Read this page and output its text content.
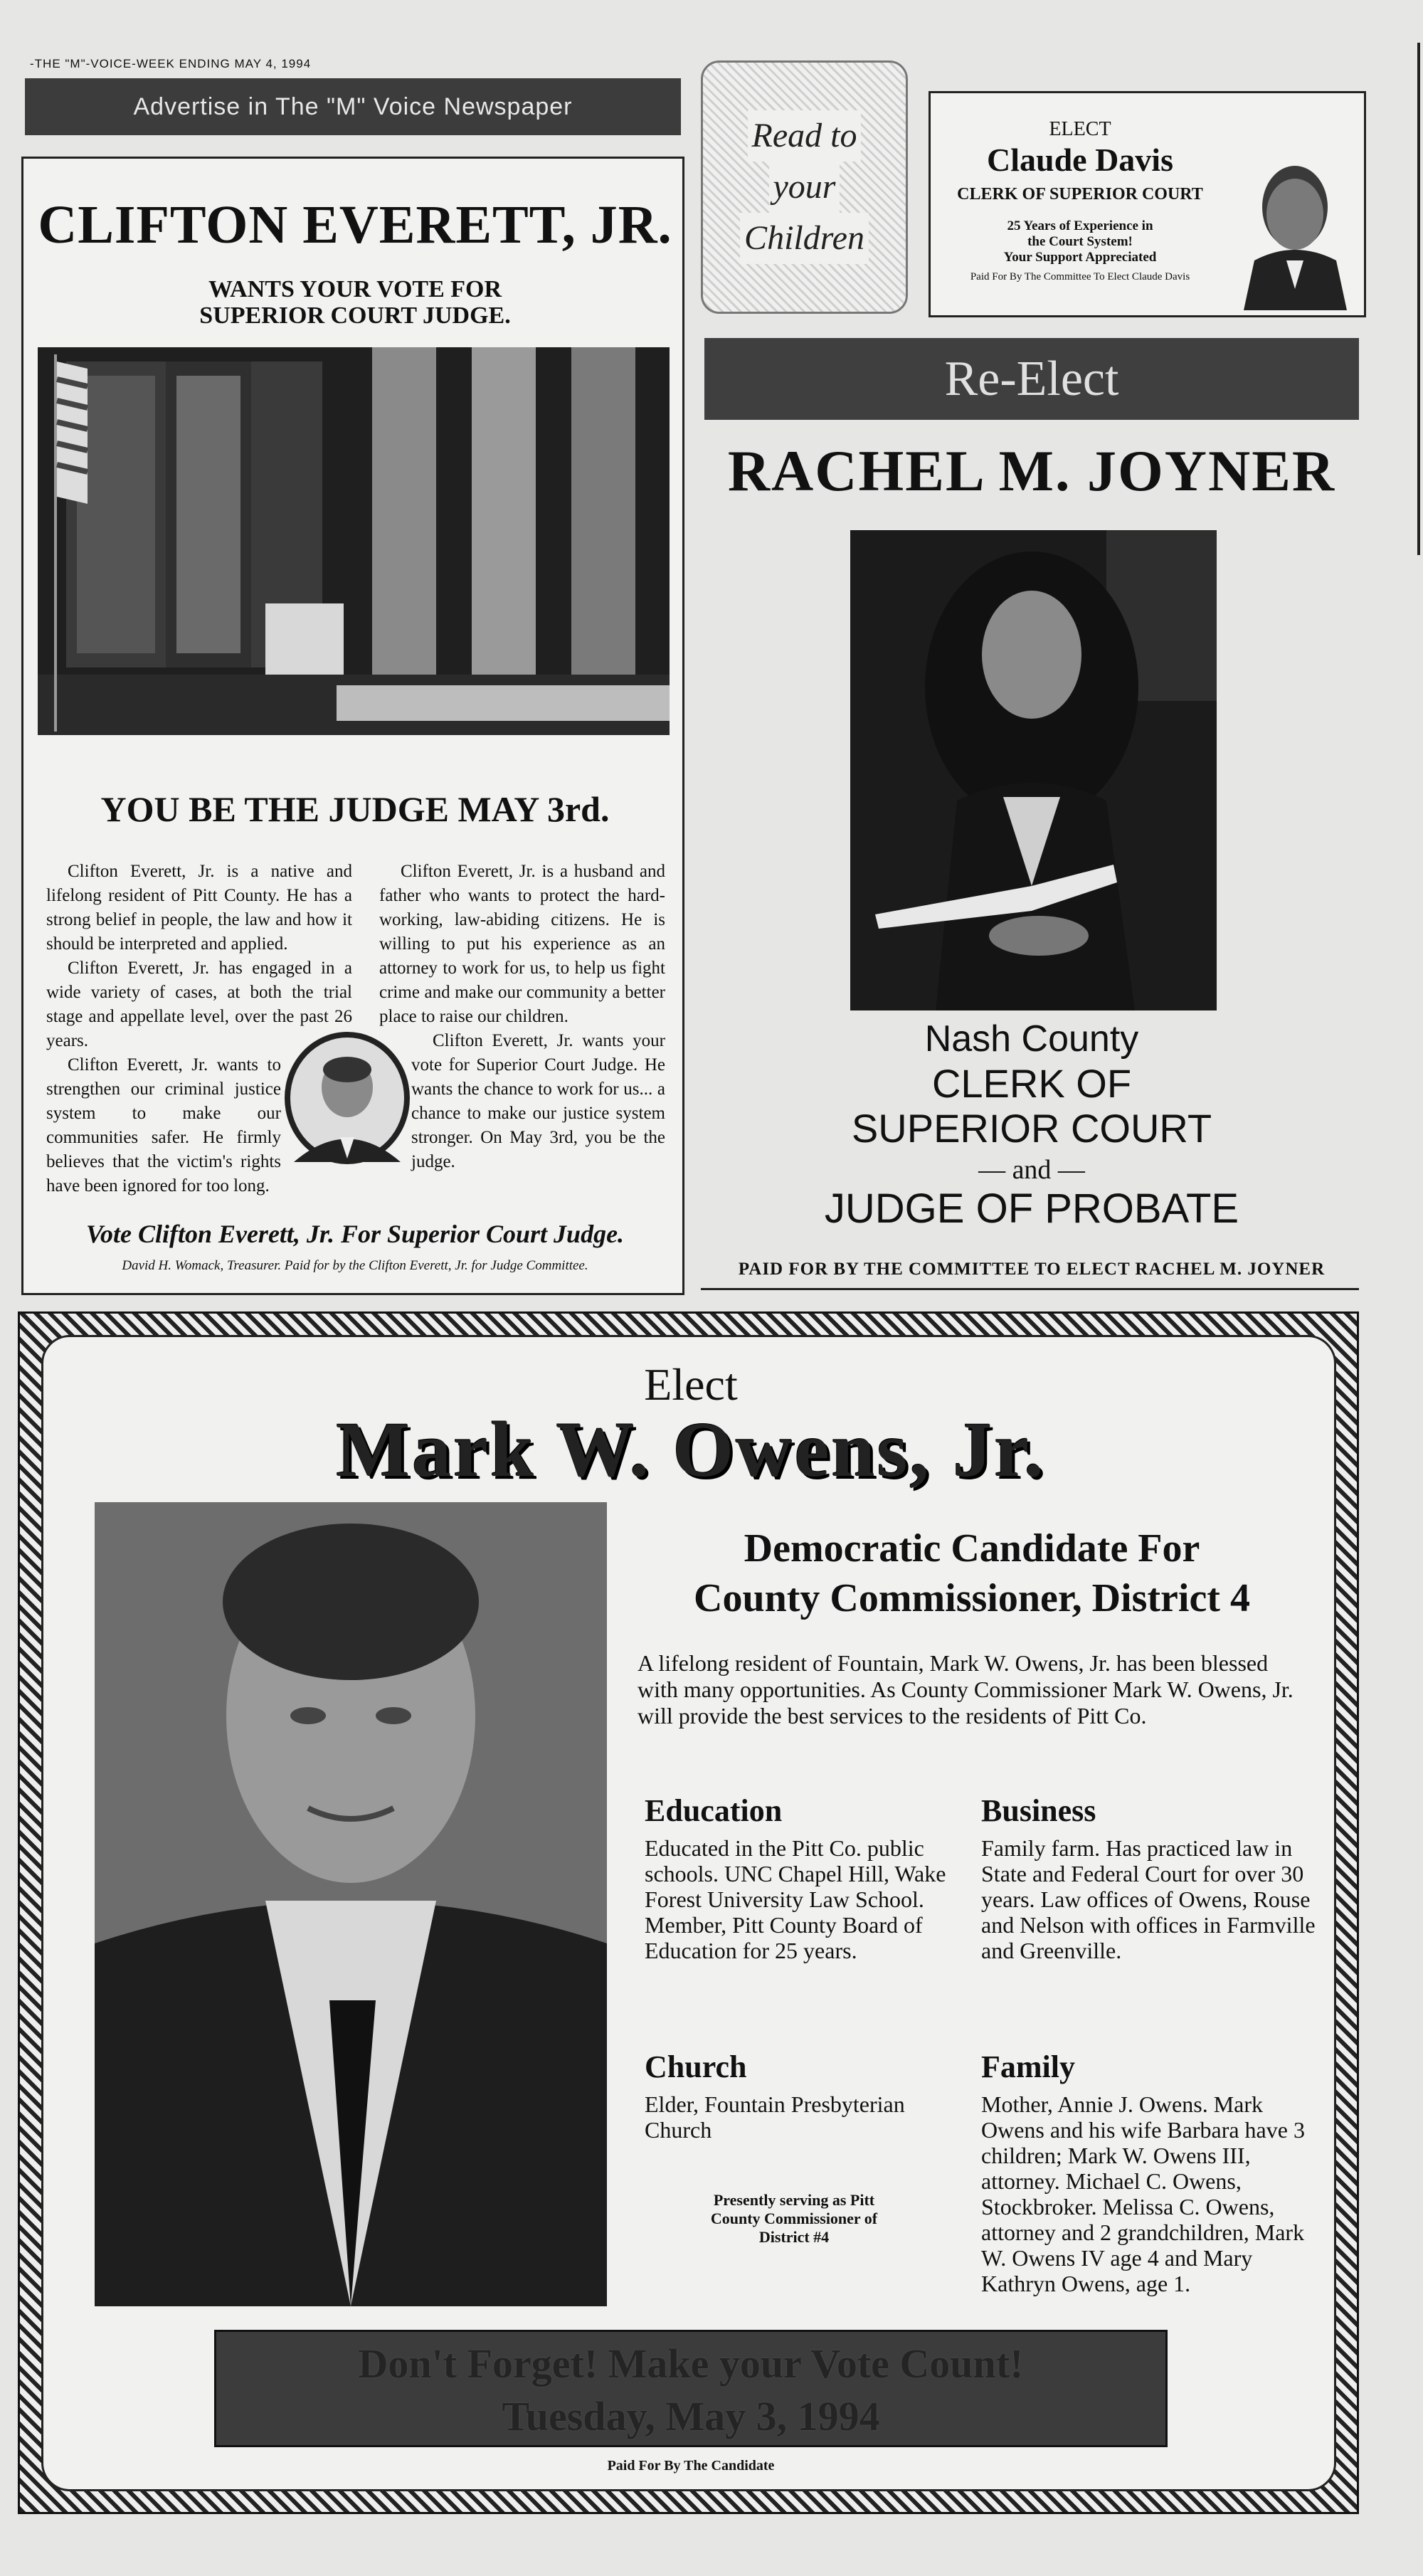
-THE "M"-VOICE-WEEK ENDING MAY 4, 1994
Advertise in The "M" Voice Newspaper
Read to
your
Children
ELECT
Claude Davis
CLERK OF SUPERIOR COURT
25 Years of Experience in
the Court System!
Your Support Appreciated
Paid For By The Committee To Elect Claude Davis
CLIFTON EVERETT, JR.
WANTS YOUR VOTE FOR
SUPERIOR COURT JUDGE.
YOU BE THE JUDGE MAY 3rd.

Clifton Everett, Jr. is a native and lifelong resident of Pitt County. He has a strong belief in people, the law and how it should be interpreted and applied.

Clifton Everett, Jr. has engaged in a wide variety of cases, at both the trial stage and appellate level, over the past 26 years.

Clifton Everett, Jr. wants to strengthen our criminal justice system to make our communities safer. He firmly believes that the victim's rights have been ignored for too long.

Clifton Everett, Jr. is a husband and father who wants to protect the hard-working, law-abiding citizens. He is willing to put his experience as an attorney to work for us, to help us fight crime and make our community a better place to raise our children.

Clifton Everett, Jr. wants your vote for Superior Court Judge. He wants the chance to work for us... a chance to make our justice system stronger. On May 3rd, you be the judge.

Vote Clifton Everett, Jr. For Superior Court Judge.
David H. Womack, Treasurer. Paid for by the Clifton Everett, Jr. for Judge Committee.
Re-Elect
RACHEL M. JOYNER
Nash County
CLERK OF
SUPERIOR COURT
— and —
JUDGE OF PROBATE
PAID FOR BY THE COMMITTEE TO ELECT RACHEL M. JOYNER
Elect
Mark W. Owens, Jr.
Democratic Candidate For
County Commissioner, District 4
A lifelong resident of Fountain, Mark W. Owens, Jr. has been blessed with many opportunities. As County Commissioner Mark W. Owens, Jr. will provide the best services to the residents of Pitt Co.
Education
Educated in the Pitt Co. public schools. UNC Chapel Hill, Wake Forest University Law School. Member, Pitt County Board of Education for 25 years.
Business
Family farm. Has practiced law in State and Federal Court for over 30 years. Law offices of Owens, Rouse and Nelson with offices in Farmville and Greenville.
Church
Elder, Fountain Presbyterian Church
Presently serving as Pitt County Commissioner of District #4
Family
Mother, Annie J. Owens. Mark Owens and his wife Barbara have 3 children; Mark W. Owens III, attorney. Michael C. Owens, Stockbroker. Melissa C. Owens, attorney and 2 grandchildren, Mark W. Owens IV age 4 and Mary Kathryn Owens, age 1.
Don't Forget! Make your Vote Count!
Tuesday, May 3, 1994
Paid For By The Candidate
